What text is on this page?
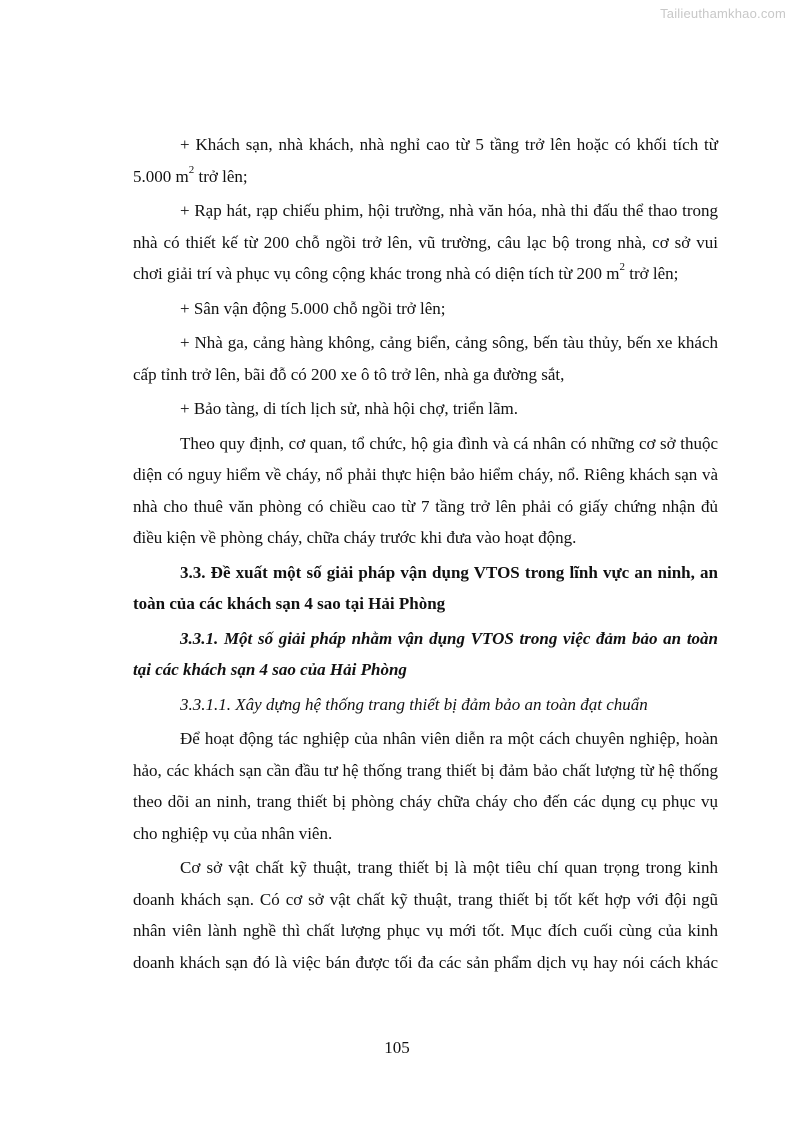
Tailieuthamkhao.com

+ Khách sạn, nhà khách, nhà nghỉ cao từ 5 tầng trở lên hoặc có khối tích từ 5.000 $m^2$ trở lên;

+ Rạp hát, rạp chiếu phim, hội trường, nhà văn hóa, nhà thi đấu thể thao trong nhà có thiết kế từ 200 chỗ ngồi trở lên, vũ trường, câu lạc bộ trong nhà, cơ sở vui chơi giải trí và phục vụ công cộng khác trong nhà có diện tích từ 200 $m^2$ trở lên;

+ Sân vận động 5.000 chỗ ngồi trở lên;

+ Nhà ga, cảng hàng không, cảng biển, cảng sông, bến tàu thủy, bến xe khách cấp tỉnh trở lên, bãi đỗ có 200 xe ô tô trở lên, nhà ga đường sắt,

+ Bảo tàng, di tích lịch sử, nhà hội chợ, triển lãm.

Theo quy định, cơ quan, tổ chức, hộ gia đình và cá nhân có những cơ sở thuộc diện có nguy hiểm về cháy, nổ phải thực hiện bảo hiểm cháy, nổ. Riêng khách sạn và nhà cho thuê văn phòng có chiều cao từ 7 tầng trở lên phải có giấy chứng nhận đủ điều kiện về phòng cháy, chữa cháy trước khi đưa vào hoạt động.

3.3. Đề xuất một số giải pháp vận dụng VTOS trong lĩnh vực an ninh, an toàn của các khách sạn 4 sao tại Hải Phòng

3.3.1. Một số giải pháp nhằm vận dụng VTOS trong việc đảm bảo an toàn tại các khách sạn 4 sao của Hải Phòng

3.3.1.1. Xây dựng hệ thống trang thiết bị đảm bảo an toàn đạt chuẩn

Để hoạt động tác nghiệp của nhân viên diễn ra một cách chuyên nghiệp, hoàn hảo, các khách sạn cần đầu tư hệ thống trang thiết bị đảm bảo chất lượng từ hệ thống theo dõi an ninh, trang thiết bị phòng cháy chữa cháy cho đến các dụng cụ phục vụ cho nghiệp vụ của nhân viên.

Cơ sở vật chất kỹ thuật, trang thiết bị là một tiêu chí quan trọng trong kinh doanh khách sạn. Có cơ sở vật chất kỹ thuật, trang thiết bị tốt kết hợp với đội ngũ nhân viên lành nghề thì chất lượng phục vụ mới tốt. Mục đích cuối cùng của kinh doanh khách sạn đó là việc bán được tối đa các sản phẩm dịch vụ hay nói cách khác

105
